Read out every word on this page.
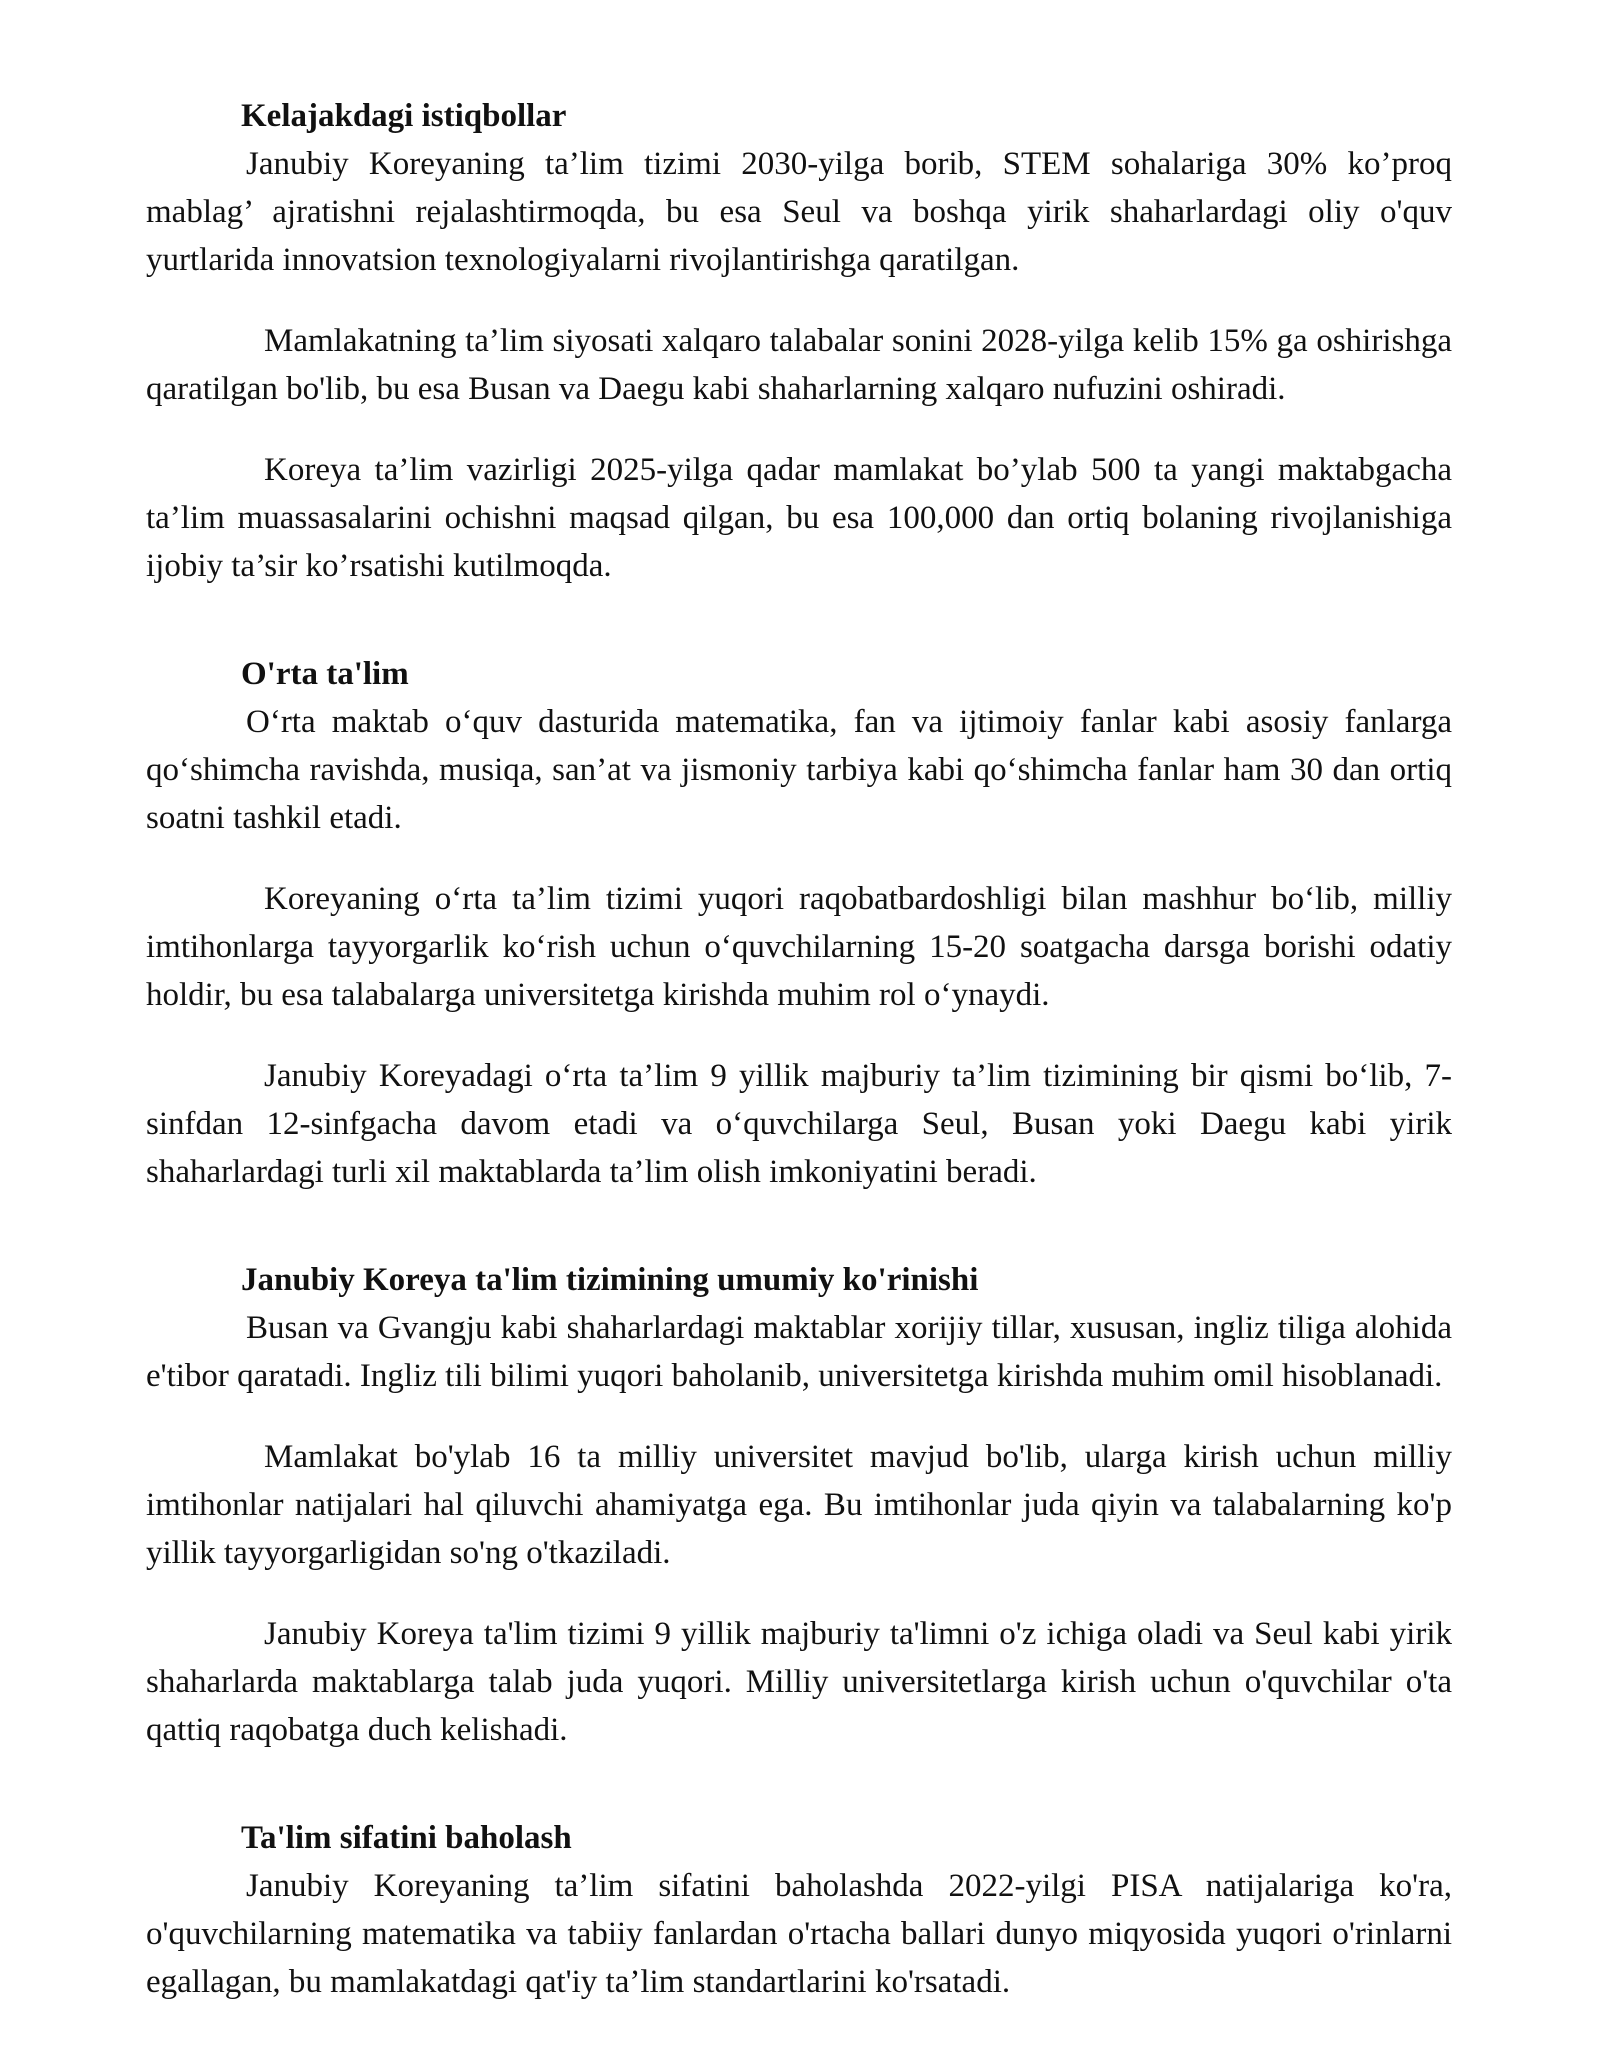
Kelajakdagi istiqbollar

Janubiy Koreyaning ta’lim tizimi 2030-yilga borib, STEM sohalariga 30% ko’proq mablag’ ajratishni rejalashtirmoqda, bu esa Seul va boshqa yirik shaharlardagi oliy o'quv yurtlarida innovatsion texnologiyalarni rivojlantirishga qaratilgan.

Mamlakatning ta’lim siyosati xalqaro talabalar sonini 2028-yilga kelib 15% ga oshirishga qaratilgan bo'lib, bu esa Busan va Daegu kabi shaharlarning xalqaro nufuzini oshiradi.

Koreya ta’lim vazirligi 2025-yilga qadar mamlakat bo’ylab 500 ta yangi maktabgacha ta’lim muassasalarini ochishni maqsad qilgan, bu esa 100,000 dan ortiq bolaning rivojlanishiga ijobiy ta’sir ko’rsatishi kutilmoqda.

O'rta ta'lim

O‘rta maktab o‘quv dasturida matematika, fan va ijtimoiy fanlar kabi asosiy fanlarga qo‘shimcha ravishda, musiqa, san’at va jismoniy tarbiya kabi qo‘shimcha fanlar ham 30 dan ortiq soatni tashkil etadi.

Koreyaning o‘rta ta’lim tizimi yuqori raqobatbardoshligi bilan mashhur bo‘lib, milliy imtihonlarga tayyorgarlik ko‘rish uchun o‘quvchilarning 15-20 soatgacha darsga borishi odatiy holdir, bu esa talabalarga universitetga kirishda muhim rol o‘ynaydi.

Janubiy Koreyadagi o‘rta ta’lim 9 yillik majburiy ta’lim tizimining bir qismi bo‘lib, 7-sinfdan 12-sinfgacha davom etadi va o‘quvchilarga Seul, Busan yoki Daegu kabi yirik shaharlardagi turli xil maktablarda ta’lim olish imkoniyatini beradi.

Janubiy Koreya ta'lim tizimining umumiy ko'rinishi

Busan va Gvangju kabi shaharlardagi maktablar xorijiy tillar, xususan, ingliz tiliga alohida e'tibor qaratadi. Ingliz tili bilimi yuqori baholanib, universitetga kirishda muhim omil hisoblanadi.

Mamlakat bo'ylab 16 ta milliy universitet mavjud bo'lib, ularga kirish uchun milliy imtihonlar natijalari hal qiluvchi ahamiyatga ega. Bu imtihonlar juda qiyin va talabalarning ko'p yillik tayyorgarligidan so'ng o'tkaziladi.

Janubiy Koreya ta'lim tizimi 9 yillik majburiy ta'limni o'z ichiga oladi va Seul kabi yirik shaharlarda maktablarga talab juda yuqori. Milliy universitetlarga kirish uchun o'quvchilar o'ta qattiq raqobatga duch kelishadi.

Ta'lim sifatini baholash

Janubiy Koreyaning ta’lim sifatini baholashda 2022-yilgi PISA natijalariga ko'ra, o'quvchilarning matematika va tabiiy fanlardan o'rtacha ballari dunyo miqyosida yuqori o'rinlarni egallagan, bu mamlakatdagi qat'iy ta’lim standartlarini ko'rsatadi.
